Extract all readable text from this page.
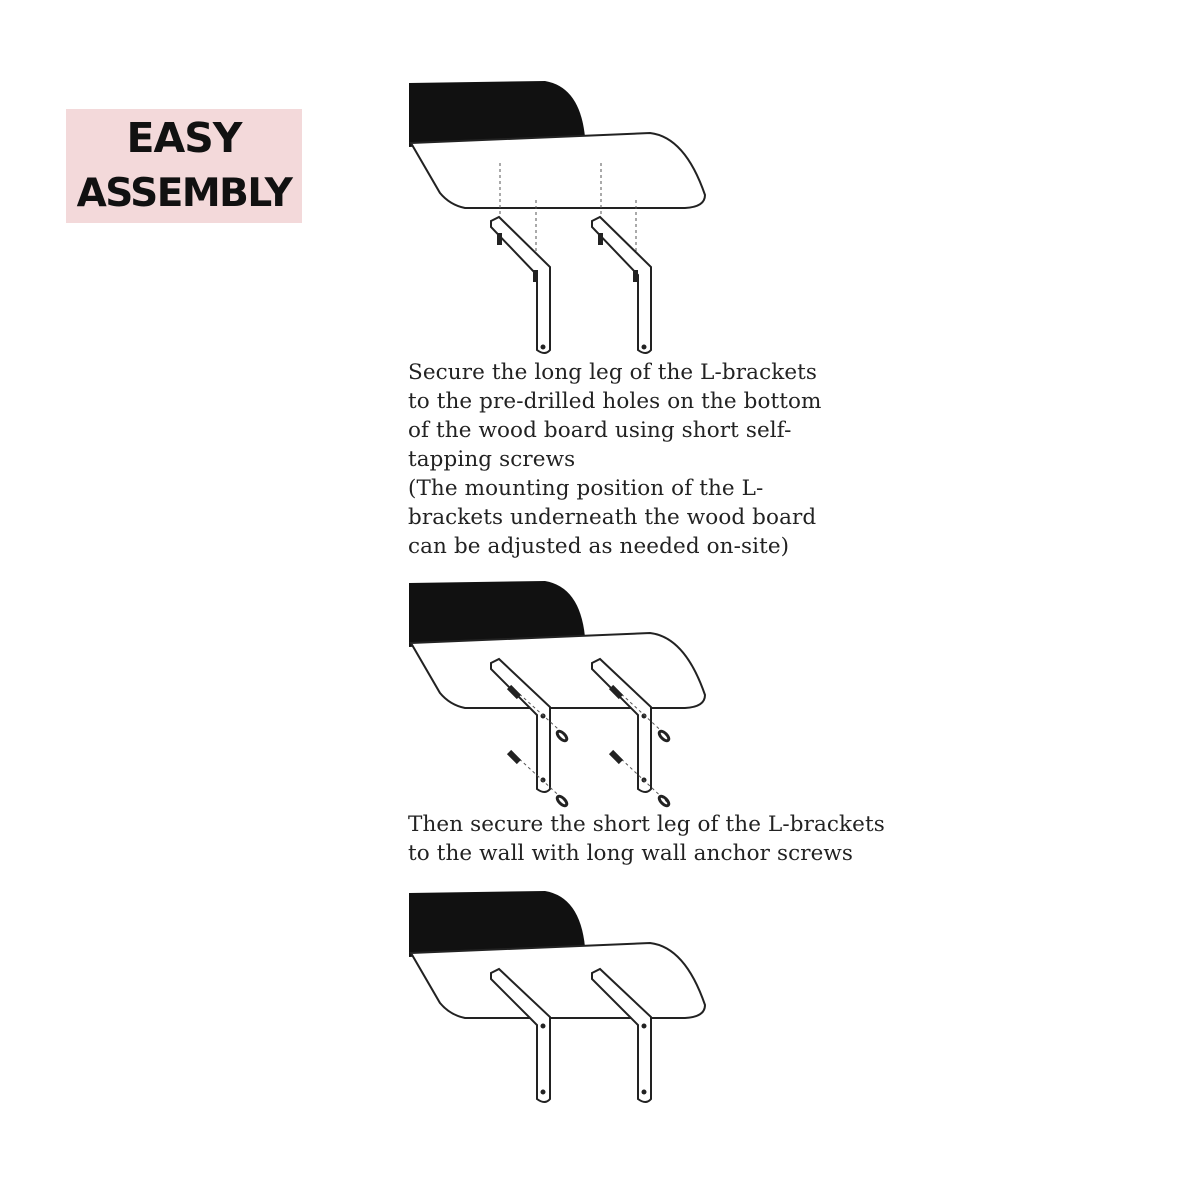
EASY
ASSEMBLY

Secure the long leg of the L-brackets
to the pre-drilled holes on the bottom
of the wood board using short self-
tapping screws
(The mounting position of the L-
brackets underneath the wood board
can be adjusted as needed on-site)

Then secure the short leg of the L-brackets
to the wall with long wall anchor screws
